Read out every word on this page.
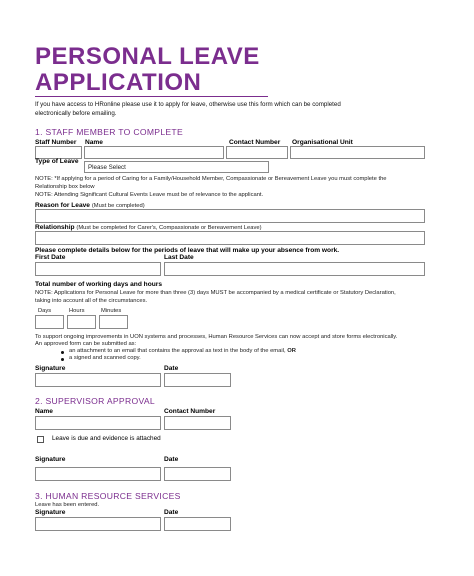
PERSONAL LEAVE
APPLICATION
If you have access to HRonline please use it to apply for leave, otherwise use this form which can be completed
electronically before emailing.
1. STAFF MEMBER TO COMPLETE
Staff Number Name	Contact Number Organisational Unit
Type of Leave
Please Select
NOTE: *If applying for a period of Caring for a Family/Household Member, Compassionate or Bereavement Leave you must complete the
Relationship box below
NOTE: Attending Significant Cultural Events Leave must be of relevance to the applicant.
Reason for Leave (Must be completed)
Relationship (Must be completed for Carer's, Compassionate or Bereavement Leave)
Please complete details below for the periods of leave that will make up your absence from work.
First Date	Last Date
Total number of working days and hours
NOTE: Applications for Personal Leave for more than three (3) days MUST be accompanied by a medical certificate or Statutory Declaration,
taking into account all of the circumstances.
Days	Hours	Minutes
To support ongoing improvements in UON systems and processes, Human Resource Services can now accept and store forms electronically.
An approved form can be submitted as:
an attachment to an email that contains the approval as text in the body of the email, OR
a signed and scanned copy.
Signature	Date
2. SUPERVISOR APPROVAL
Name	Contact Number
Leave is due and evidence is attached
Signature	Date
3. HUMAN RESOURCE SERVICES
Leave has been entered.
Signature	Date
